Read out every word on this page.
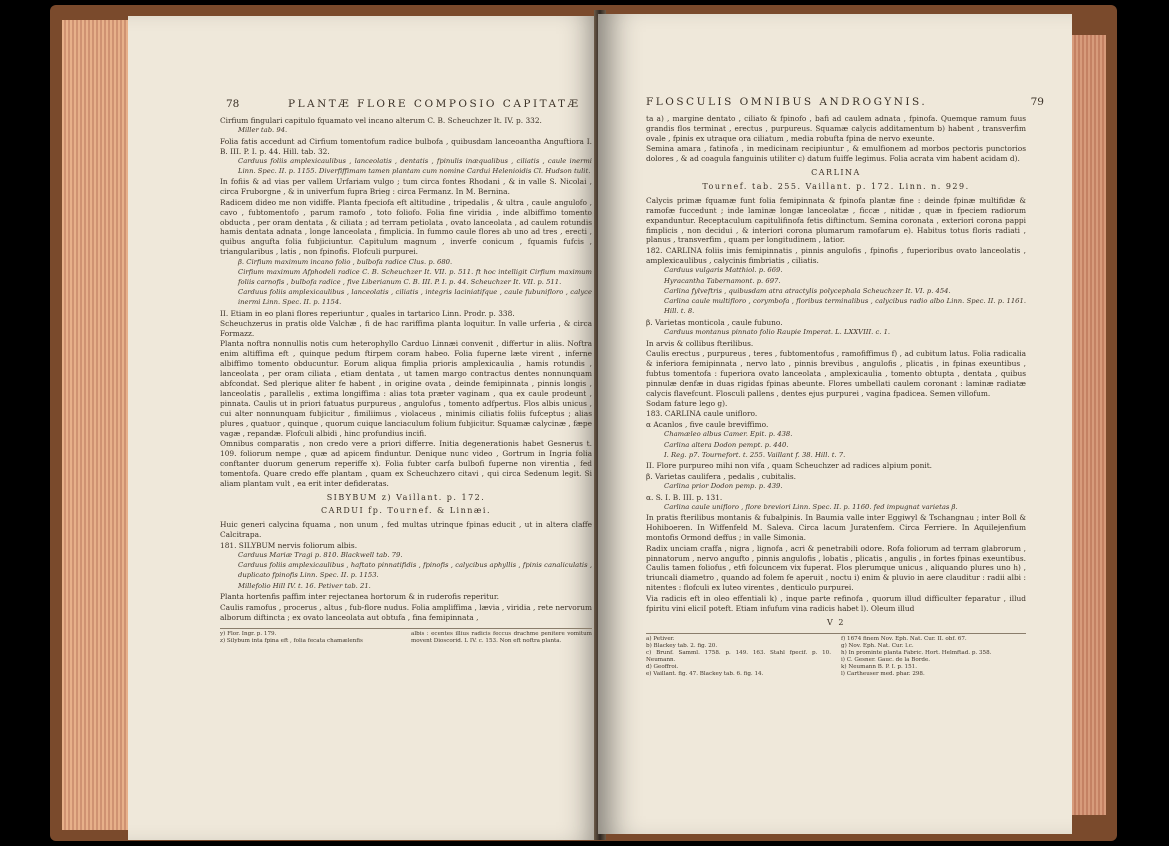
78	PLANTÆ FLORE COMPOSIO CAPITATÆ

Cirfium fingulari capitulo fquamato vel incano alterum C. B. Scheuchzer It. IV. p. 332.

Miller tab. 94.

Folia fatis accedunt ad Cirfium tomentofum radice bulbofa , quibusdam lanceoantha Anguftiora I. B. III. P. I. p. 44. Hill. tab. 32.

Carduus foliis amplexicaulibus , lanceolatis , dentatis , fpinulis inæqualibus , ciliatis , caule inermi Linn. Spec. II. p. 1155. Diverfiffimam tamen plantam cum nomine Cardui Helenioidis Cl. Hudson tulit.

In fofiis & ad vias per vallem Urfariam vulgo ; tum circa fontes Rhodani , & in valle S. Nicolai , circa Fruborgne , & in univerfum fupra Brieg : circa Fermanz. In M. Bernina.

Radicem dideo me non vidiffe. Planta fpeciofa eft altitudine , tripedalis , & ultra , caule angulofo , cavo , fubtomentofo , parum ramofo , toto foliofo. Folia fine viridia , inde albiffimo tomento obducta , per oram dentata , & ciliata ; ad terram petiolata , ovato lanceolata , ad caulem rotundis hamis dentata adnata , longe lanceolata , fimplicia. In fummo caule flores ab uno ad tres , erecti , quibus angufta folia fubjiciuntur. Capitulum magnum , inverfe conicum , fquamis fufcis , triangularibus , latis , non fpinofis. Flofculi purpurei.

β. Cirfium maximum incano folio , bulbofa radice Clus. p. 680.

Cirfium maximum Afphodeli radice C. B. Scheuchzer It. VII. p. 511. ft hoc intelligit Cirfium maximum foliis carnofis , bulbofa radice , five Liberianum C. B. III. P. I. p. 44. Scheuchzer It. VII. p. 511.

Carduus foliis amplexicaulibus , lanceolatis , ciliatis , integris laciniatifque , caule fubunifloro , calyce inermi Linn. Spec. II. p. 1154.

II. Etiam in eo plani flores reperiuntur , quales in tartarico Linn. Prodr. p. 338.

Scheuchzerus in pratis olde Valchæ , fi de hac rariffima planta loquitur. In valle urferia , & circa Formazz.

Planta noftra nonnullis notis cum heterophyllo Carduo Linnæi convenit , differtur in aliis. Noftra enim altiffima eft , quinque pedum ftirpem coram habeo. Folia fuperne læte virent , inferne albiffimo tomento obducuntur. Eorum aliqua fimplia prioris amplexicaulia , hamis rotundis , lanceolata , per oram ciliata , etiam dentata , ut tamen margo contractus dentes nonnunquam abfcondat. Sed plerique aliter fe habent , in origine ovata , deinde femipinnata , pinnis longis , lanceolatis , parallelis , extima longiffima : alias tota præter vaginam , qua ex caule prodeunt , pinnata. Caulis ut in priori fatuatus purpureus , angulofus , tomento adfpertus. Flos albis unicus , cui alter nonnunquam fubjicitur , fimiliimus , violaceus , minimis ciliatis foliis fufceptus ; alias plures , quatuor , quinque , quorum cuique lanciaculum folium fubjicitur. Squamæ calycinæ , fæpe vagæ , repandæ. Flofculi albidi , hinc profundius incifi.

Omnibus comparatis , non credo vere a priori differre. Initia degenerationis habet Gesnerus t. 109. foliorum nempe , quæ ad apicem finduntur. Denique nunc video , Gortrum in Ingria folia conftanter duorum generum reperiffe x). Folia fubter carfa bulbofi fuperne non virentia , fed tomentofa. Quare credo effe plantam , quam ex Scheuchzero citavi , qui circa Sedenum legit. Si aliam plantam vult , ea erit inter defideratas.

SIBYBUM z) Vaillant. p. 172.

CARDUI fp. Tournef. & Linnæi.

Huic generi calycina fquama , non unum , fed multas utrinque fpinas educit , ut in altera claffe Calcitrapa.

181. SILYBUM nervis foliorum albis.

Carduus Mariæ Tragi p. 810. Blackwell tab. 79.

Carduus foliis amplexicaulibus , haftato pinnatifidis , fpinofis , calycibus aphyllis , fpinis canaliculatis , duplicato fpinofis Linn. Spec. II. p. 1153.

Millefolio Hill IV. t. 16. Petiver tab. 21.

Planta hortenfis paffim inter rejectanea hortorum & in ruderofis reperitur.

Caulis ramofus , procerus , altus , fub-flore nudus. Folia ampliffima , lævia , viridia , rete nervorum alborum diftincta ; ex ovato lanceolata aut obtufa , fina femipinnata ,

y) Flor. Ingr. p. 179.
z) Silybum inta fpina eft , folia fecata chamælenfis
albis : ecentes illius radicis feccus drachme penitere vomitum movent Dioscorid. L IV. c. 153. Non eft noftra planta.
FLOSCULIS OMNIBUS ANDROGYNIS.	79

ta a) , margine dentato , ciliato & fpinofo , bafi ad caulem adnata , fpinofa. Quemque ramum fuus grandis flos terminat , erectus , purpureus. Squamæ calycis additamentum b) habent , transverfim ovale , fpinis ex utraque ora ciliatum , media robufta fpina de nervo exeunte.

Semina amara , fatinofa , in medicinam recipiuntur , & emulfionem ad morbos pectoris punctorios dolores , & ad coagula fanguinis utiliter c) datum fuiffe legimus. Folia acrata vim habent acidam d).

CARLINA

Tournef. tab. 255. Vaillant. p. 172. Linn. n. 929.

Calycis primæ fquamæ funt folia femipinnata & fpinofa plantæ fine : deinde fpinæ multifidæ & ramofæ fuccedunt ; inde laminæ longæ lanceolatæ , ficcæ , nitidæ , quæ in fpeciem radiorum expanduntur. Receptaculum capitulifinofa fetis diftinctum. Semina coronata , exteriori corona pappi fimplicis , non decidui , & interiori corona plumarum ramofarum e). Habitus totus floris radiati , planus , transverfim , quam per longitudinem , latior.

182. CARLINA foliis imis femipinnatis , pinnis angulofis , fpinofis , fuperioribus ovato lanceolatis , amplexicaulibus , calycinis fimbriatis , ciliatis.

Carduus vulgaris Matthiol. p. 669.

Hyracantha Tabernamont. p. 697.

Carlina fylveftris , quibusdam atra atractylis polycephala Scheuchzer It. VI. p. 454.

Carlina caule multifloro , corymbofa , floribus terminalibus , calycibus radio albo Linn. Spec. II. p. 1161. Hill. t. 8.

β. Varietas monticola , caule fubuno.

Carduus montanus pinnato folio Raupie Imperat. L. LXXVIII. c. 1.

In arvis & collibus fterilibus.

Caulis erectus , purpureus , teres , fubtomentofus , ramofiffimus f) , ad cubitum latus. Folia radicalia & inferiora femipinnata , nervo lato , pinnis brevibus , angulofis , plicatis , in fpinas exeuntibus , fubtus tomentofa : fuperiora ovato lanceolata , amplexicaulia , tomento obtupta , dentata , quibus pinnulæ denfæ in duas rigidas fpinas abeunte. Flores umbellati caulem coronant : laminæ radiatæ calycis flavefcunt. Flosculi pallens , dentes ejus purpurei , vagina fpadicea. Semen villofum.

Sodam fature lego g).

183. CARLINA caule unifloro.

α Acanlos , five caule breviffimo.

Chamæleo albus Camer. Epit. p. 438.

Carlina altera Dodon pempt. p. 440.

I. Reg. p7. Tournefort. t. 255. Vaillant f. 38. Hill. t. 7.

II. Flore purpureo mihi non vifa , quam Scheuchzer ad radices alpium ponit.

β. Varietas caulifera , pedalis , cubitalis.

Carlina prior Dodon pemp. p. 439.

α. S. I. B. III. p. 131.

Carlina caule unifloro , flore breviori Linn. Spec. II. p. 1160. fed impugnat varietas β.

In pratis fterilibus montanis & fubalpinis. In Baumia valle inter Eggiwyl & Tschangnau ; inter Boll & Hohiboeren. In Wiffenfeld M. Saleva. Circa lacum Juratenfem. Circa Ferriere. In Aquilejenfium montofis Ormond deffus ; in valle Simonia.

Radix unciam craffa , nigra , lignofa , acri & penetrabili odore. Rofa foliorum ad terram glabrorum , pinnatorum , nervo angufto , pinnis angulofis , lobatis , plicatis , angulis , in fortes fpinas exeuntibus. Caulis tamen foliofus , etfi folcuncem vix fuperat. Flos plerumque unicus , aliquando plures uno h) , triuncali diametro , quando ad folem fe aperuit , noctu i) enim & pluvio in aere clauditur : radii albi : nitentes : flofculi ex luteo virentes , denticulo purpurei.

Via radicis eft in oleo effentiali k) , inque parte refinofa , quorum illud difficulter feparatur , illud fpiritu vini eliciI poteft. Etiam infufum vina radicis habet l). Oleum illud

V 2

a) Petiver.
b) Blackey tab. 2. fig. 20.
c) Brunf. Samml. 1758. p. 149. 163. Stahl fpecif. p. 10. Neumann.
d) Geoffroi.
e) Vaillant. fig. 47. Blackey tab. 6. fig. 14.
f) 1674 finem Nov. Eph. Nat. Cur. II. obf. 67.
g) Nov. Eph. Nat. Cur. l.c.
h) In prominte planta Fabric. Hort. Helmftad. p. 358.
i) C. Gesner. Gauc. de la Borde.
k) Neumann B. P. I. p. 151.
l) Cartheuser med. phar. 298.
